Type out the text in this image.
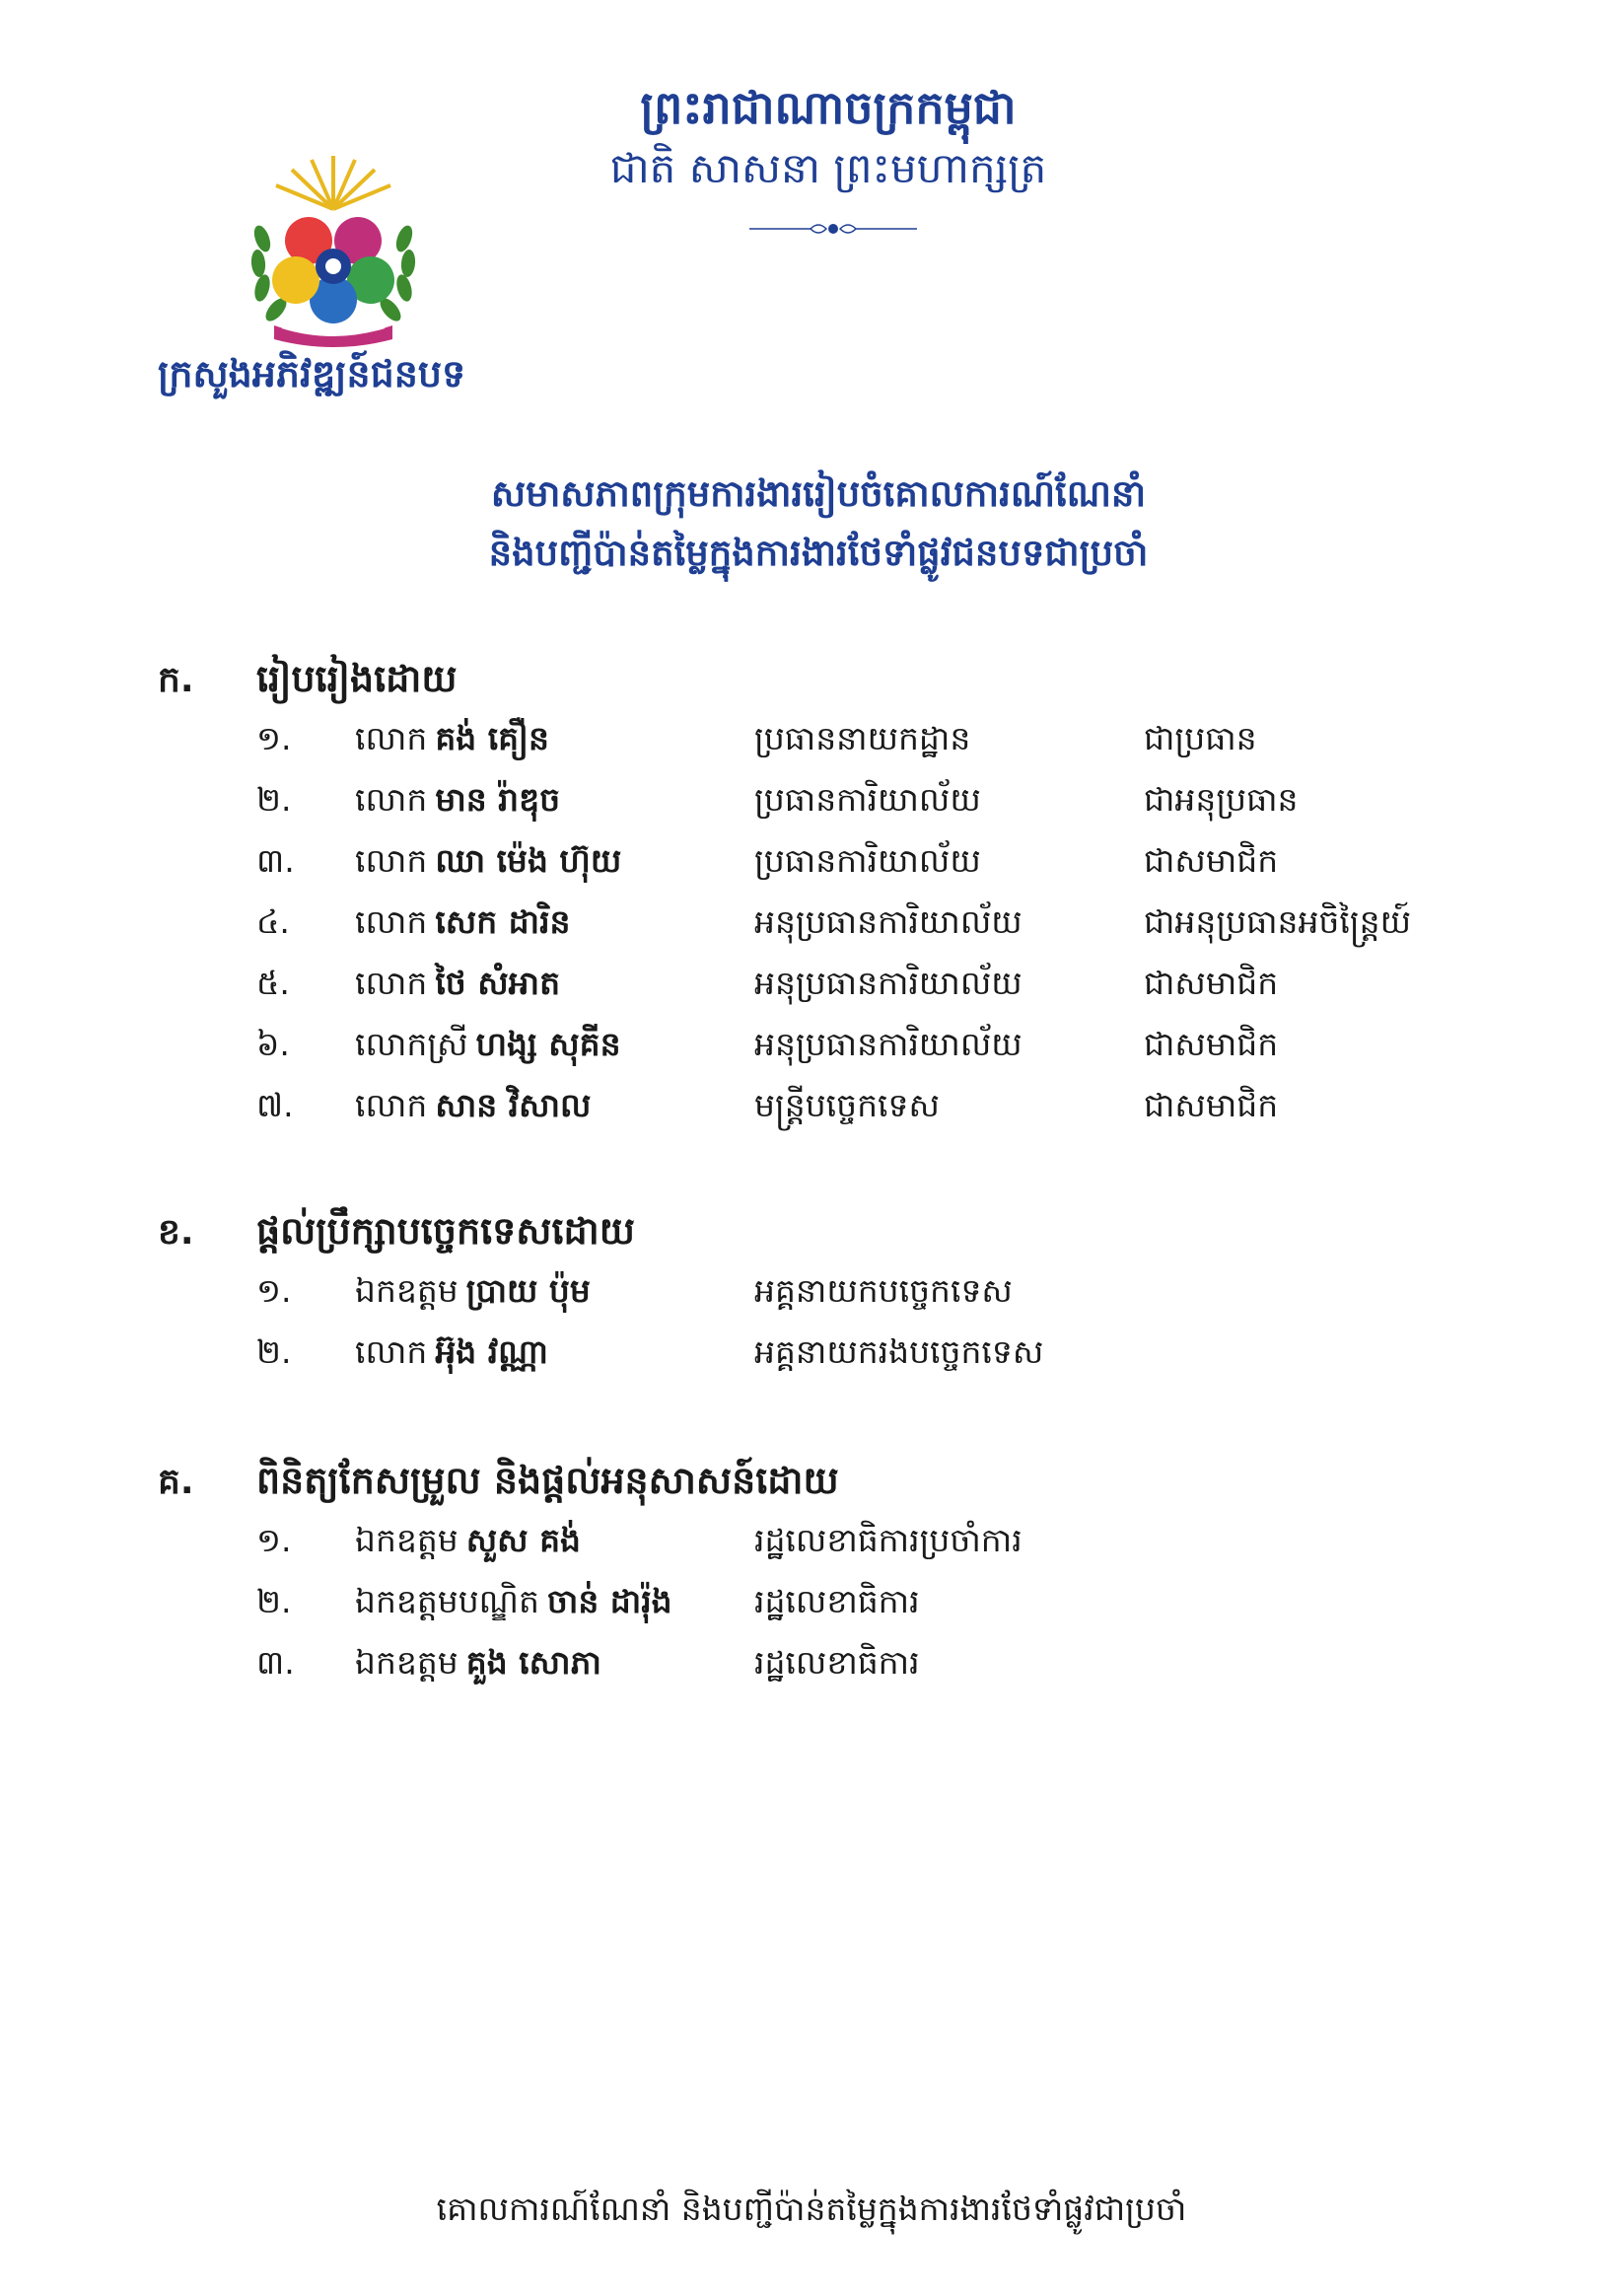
ព្រះរាជាណាចក្រកម្ពុជា
ជាតិ សាសនា ព្រះមហាក្សត្រ
ក្រសួងអភិវឌ្ឍន៍ជនបទ
សមាសភាពក្រុមការងាររៀបចំគោលការណ៍ណែនាំ
និងបញ្ជីប៉ាន់តម្លៃក្នុងការងារថែទាំផ្លូវជនបទជាប្រចាំ
ក.	រៀបរៀងដោយ
១.	លោក គង់ គឿន	ប្រធាននាយកដ្ឋាន	ជាប្រធាន
២.	លោក មាន រ៉ាឌុច	ប្រធានការិយាល័យ	ជាអនុប្រធាន
៣.	លោក ឈា ម៉េង ហ៊ុយ	ប្រធានការិយាល័យ	ជាសមាជិក
៤.	លោក សេក ដារិន	អនុប្រធានការិយាល័យ	ជាអនុប្រធានអចិន្ត្រៃយ៍
៥.	លោក ថៃ សំអាត	អនុប្រធានការិយាល័យ	ជាសមាជិក
៦.	លោកស្រី ហង្ស សុគីន	អនុប្រធានការិយាល័យ	ជាសមាជិក
៧.	លោក សាន វិសាល	មន្ត្រីបច្ចេកទេស	ជាសមាជិក
ខ.	ផ្តល់ប្រឹក្សាបច្ចេកទេសដោយ
១.	ឯកឧត្តម ប្រាយ ប៉ុម	អគ្គនាយកបច្ចេកទេស
២.	លោក អ៊ុង វណ្ណា	អគ្គនាយករងបច្ចេកទេស
គ.	ពិនិត្យកែសម្រួល និងផ្តល់អនុសាសន៍ដោយ
១.	ឯកឧត្តម សួស គង់	រដ្ឋលេខាធិការប្រចាំការ
២.	ឯកឧត្តមបណ្ឌិត ចាន់ ដារ៉ុង	រដ្ឋលេខាធិការ
៣.	ឯកឧត្តម គួង សោភា	រដ្ឋលេខាធិការ
គោលការណ៍ណែនាំ និងបញ្ជីប៉ាន់តម្លៃក្នុងការងារថែទាំផ្លូវជាប្រចាំ
